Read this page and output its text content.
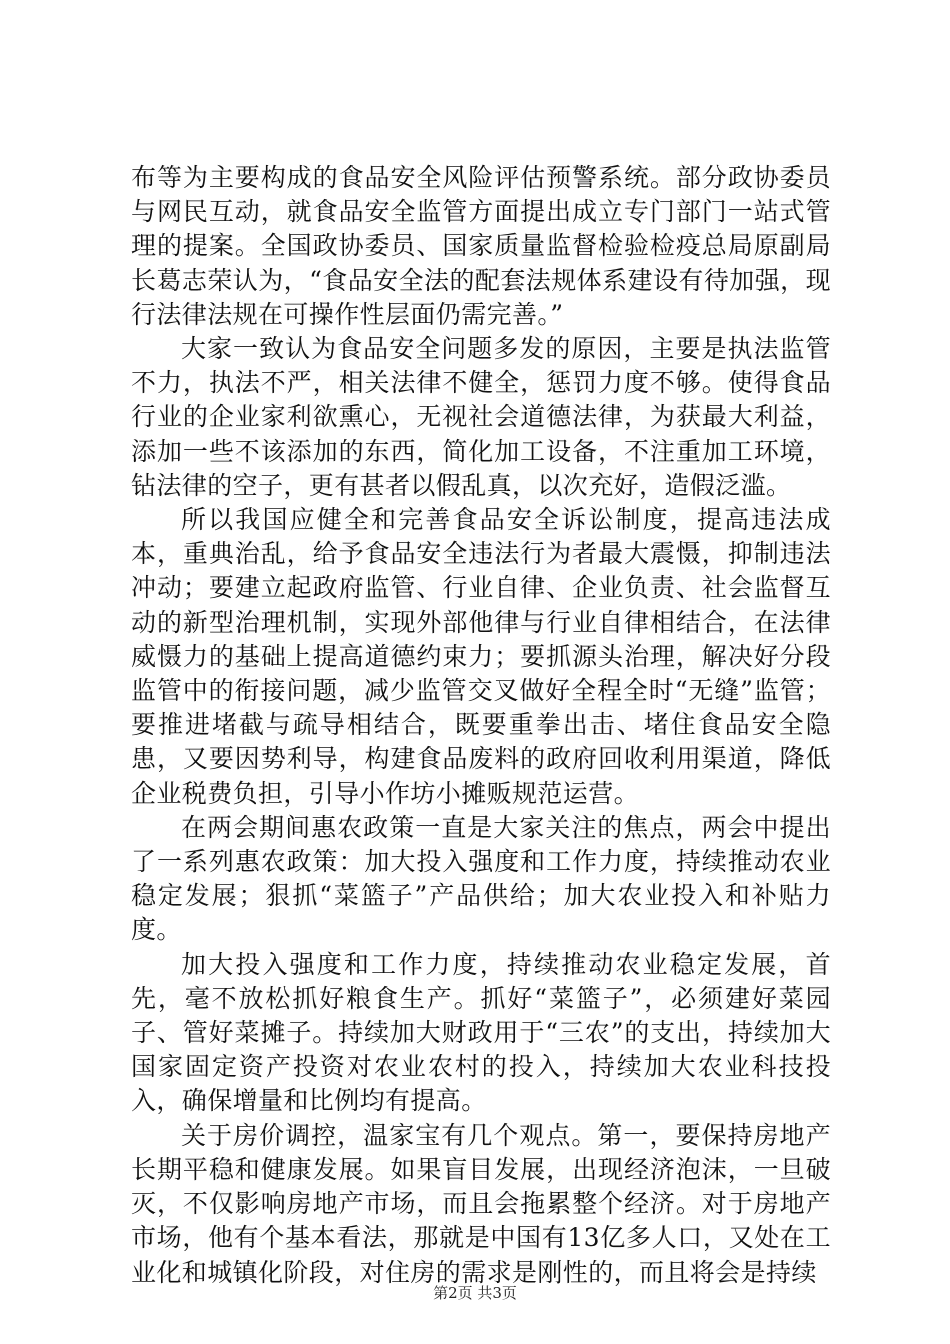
布等为主要构成的食品安全风险评估预警系统。部分政协委员与网民互动，就食品安全监管方面提出成立专门部门一站式管理的提案。全国政协委员、国家质量监督检验检疫总局原副局长葛志荣认为，“食品安全法的配套法规体系建设有待加强，现行法律法规在可操作性层面仍需完善。”

大家一致认为食品安全问题多发的原因，主要是执法监管不力，执法不严，相关法律不健全，惩罚力度不够。使得食品行业的企业家利欲熏心，无视社会道德法律，为获最大利益，添加一些不该添加的东西，简化加工设备，不注重加工环境，钻法律的空子，更有甚者以假乱真，以次充好，造假泛滥。

所以我国应健全和完善食品安全诉讼制度，提高违法成本，重典治乱，给予食品安全违法行为者最大震慑，抑制违法冲动；要建立起政府监管、行业自律、企业负责、社会监督互动的新型治理机制，实现外部他律与行业自律相结合，在法律威慑力的基础上提高道德约束力；要抓源头治理，解决好分段监管中的衔接问题，减少监管交叉做好全程全时“无缝”监管；要推进堵截与疏导相结合，既要重拳出击、堵住食品安全隐患，又要因势利导，构建食品废料的政府回收利用渠道，降低企业税费负担，引导小作坊小摊贩规范运营。

在两会期间惠农政策一直是大家关注的焦点，两会中提出了一系列惠农政策：加大投入强度和工作力度，持续推动农业稳定发展；狠抓“菜篮子”产品供给；加大农业投入和补贴力度。

加大投入强度和工作力度，持续推动农业稳定发展，首先，毫不放松抓好粮食生产。抓好“菜篮子”，必须建好菜园子、管好菜摊子。持续加大财政用于“三农”的支出，持续加大国家固定资产投资对农业农村的投入，持续加大农业科技投入，确保增量和比例均有提高。

关于房价调控，温家宝有几个观点。第一，要保持房地产长期平稳和健康发展。如果盲目发展，出现经济泡沫，一旦破灭，不仅影响房地产市场，而且会拖累整个经济。对于房地产市场，他有个基本看法，那就是中国有13亿多人口，又处在工业化和城镇化阶段，对住房的需求是刚性的，而且将会是持续

第2页 共3页
